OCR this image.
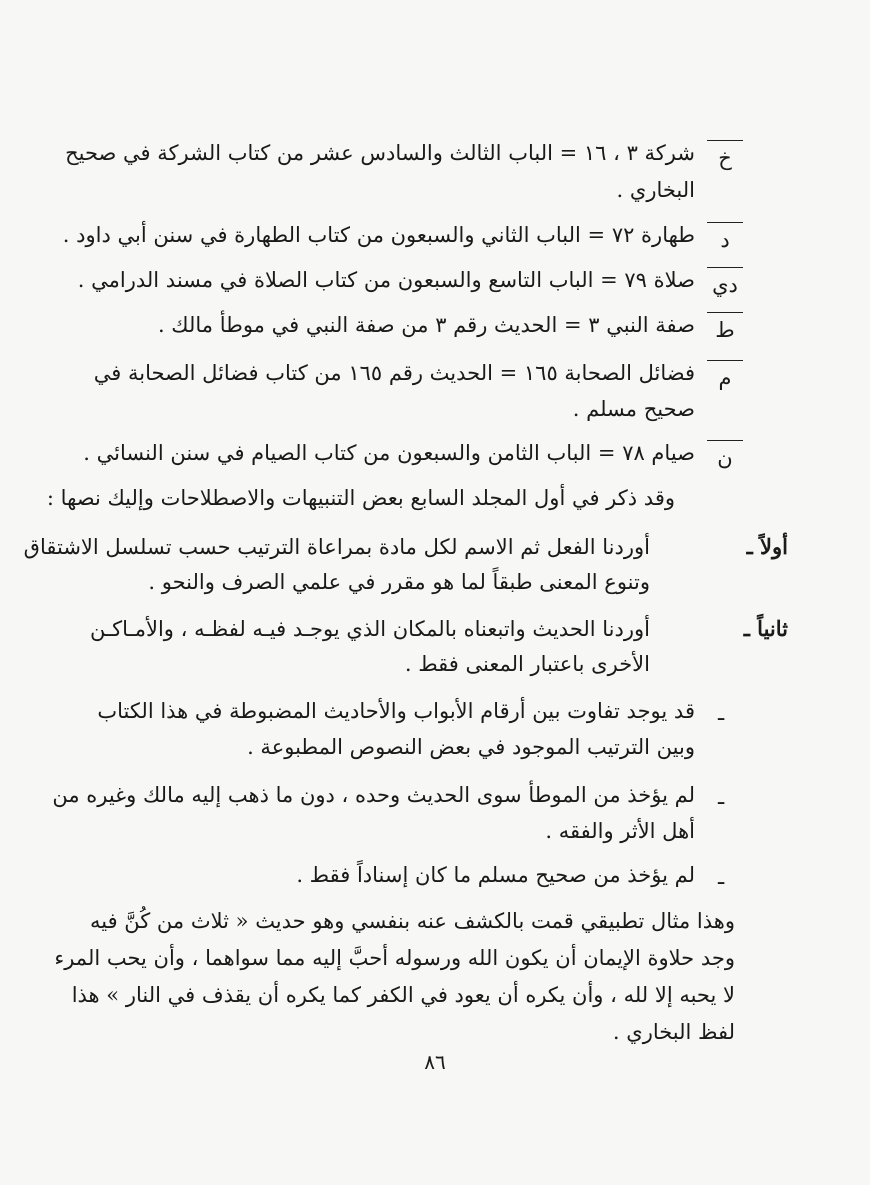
خ
شركة ٣ ، ١٦ = الباب الثالث والسادس عشر من كتاب الشركة في صحيح
البخاري .
د
طهارة ٧٢ = الباب الثاني والسبعون من كتاب الطهارة في سنن أبي داود .
دي
صلاة ٧٩ = الباب التاسع والسبعون من كتاب الصلاة في مسند الدرامي .
ط
صفة النبي ٣ = الحديث رقم ٣ من صفة النبي في موطأ مالك .
م
فضائل الصحابة ١٦٥ = الحديث رقم ١٦٥ من كتاب فضائل الصحابة في
صحيح مسلم .
ن
صيام ٧٨ = الباب الثامن والسبعون من كتاب الصيام في سنن النسائي .
وقد ذكر في أول المجلد السابع بعض التنبيهات والاصطلاحات وإليك نصها :
أولاً ـ
أوردنا الفعل ثم الاسم لكل مادة بمراعاة الترتيب حسب تسلسل الاشتقاق
وتنوع المعنى طبقاً لما هو مقرر في علمي الصرف والنحو .
ثانياً ـ
أوردنا الحديث واتبعناه بالمكان الذي يوجـد فيـه لفظـه ، والأمـاكـن
الأخرى باعتبار المعنى فقط .
ـ
قد يوجد تفاوت بين أرقام الأبواب والأحاديث المضبوطة في هذا الكتاب
وبين الترتيب الموجود في بعض النصوص المطبوعة .
ـ
لم يؤخذ من الموطأ سوى الحديث وحده ، دون ما ذهب إليه مالك وغيره من
أهل الأثر والفقه .
ـ
لم يؤخذ من صحيح مسلم ما كان إسناداً فقط .
وهذا مثال تطبيقي قمت بالكشف عنه بنفسي وهو حديث « ثلاث من كُنَّ فيه
وجد حلاوة الإيمان أن يكون الله ورسوله أحبَّ إليه مما سواهما ، وأن يحب المرء
لا يحبه إلا لله ، وأن يكره أن يعود في الكفر كما يكره أن يقذف في النار » هذا
لفظ البخاري .
٨٦
